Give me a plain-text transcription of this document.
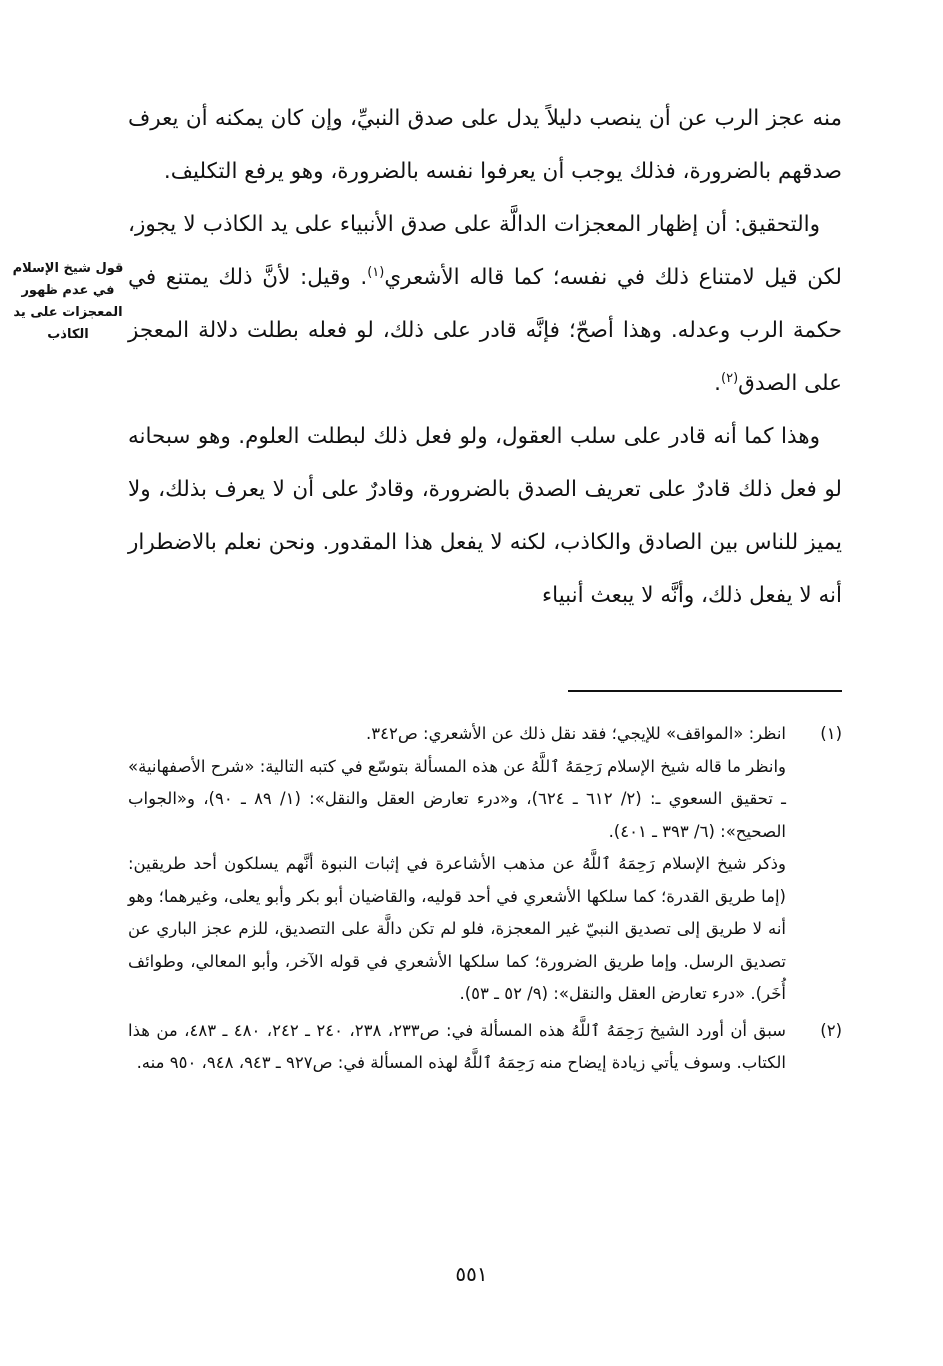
قول شيخ الإسلام
في عدم ظهور
المعجزات على يد
الكاذب

منه عجز الرب عن أن ينصب دليلاً يدل على صدق النبيِّ، وإن كان يمكنه أن يعرف صدقهم بالضرورة، فذلك يوجب أن يعرفوا نفسه بالضرورة، وهو يرفع التكليف.

والتحقيق: أن إظهار المعجزات الدالَّة على صدق الأنبياء على يد الكاذب لا يجوز، لكن قيل لامتناع ذلك في نفسه؛ كما قاله الأشعري$^{(١)}$. وقيل: لأنَّ ذلك يمتنع في حكمة الرب وعدله. وهذا أصحّ؛ فإنَّه قادر على ذلك، لو فعله بطلت دلالة المعجز على الصدق$^{(٢)}$.

وهذا كما أنه قادر على سلب العقول، ولو فعل ذلك لبطلت العلوم. وهو سبحانه لو فعل ذلك قادرٌ على تعريف الصدق بالضرورة، وقادرٌ على أن لا يعرف بذلك، ولا يميز للناس بين الصادق والكاذب، لكنه لا يفعل هذا المقدور. ونحن نعلم بالاضطرار أنه لا يفعل ذلك، وأنَّه لا يبعث أنبياء

(١)

انظر: «المواقف» للإيجي؛ فقد نقل ذلك عن الأشعري: ص٣٤٢.

وانظر ما قاله شيخ الإسلام رَحِمَهُ ٱللَّهُ عن هذه المسألة بتوسّع في كتبه التالية: «شرح الأصفهانية» ـ تحقيق السعوي ـ: (٢/ ٦١٢ ـ ٦٢٤)، و«درء تعارض العقل والنقل»: (١/ ٨٩ ـ ٩٠)، و«الجواب الصحيح»: (٦/ ٣٩٣ ـ ٤٠١).

وذكر شيخ الإسلام رَحِمَهُ ٱللَّهُ عن مذهب الأشاعرة في إثبات النبوة أنَّهم يسلكون أحد طريقين: (إما طريق القدرة؛ كما سلكها الأشعري في أحد قوليه، والقاضيان أبو بكر وأبو يعلى، وغيرهما؛ وهو أنه لا طريق إلى تصديق النبيّ غير المعجزة، فلو لم تكن دالَّة على التصديق، للزم عجز الباري عن تصديق الرسل. وإما طريق الضرورة؛ كما سلكها الأشعري في قوله الآخر، وأبو المعالي، وطوائف أُخَر). «درء تعارض العقل والنقل»: (٩/ ٥٢ ـ ٥٣).

(٢)

سبق أن أورد الشيخ رَحِمَهُ ٱللَّهُ هذه المسألة في: ص٢٣٣، ٢٣٨، ٢٤٠ ـ ٢٤٢، ٤٨٠ ـ ٤٨٣، من هذا الكتاب. وسوف يأتي زيادة إيضاح منه رَحِمَهُ ٱللَّهُ لهذه المسألة في: ص٩٢٧ ـ ٩٤٣، ٩٤٨، ٩٥٠ منه.

٥٥١
